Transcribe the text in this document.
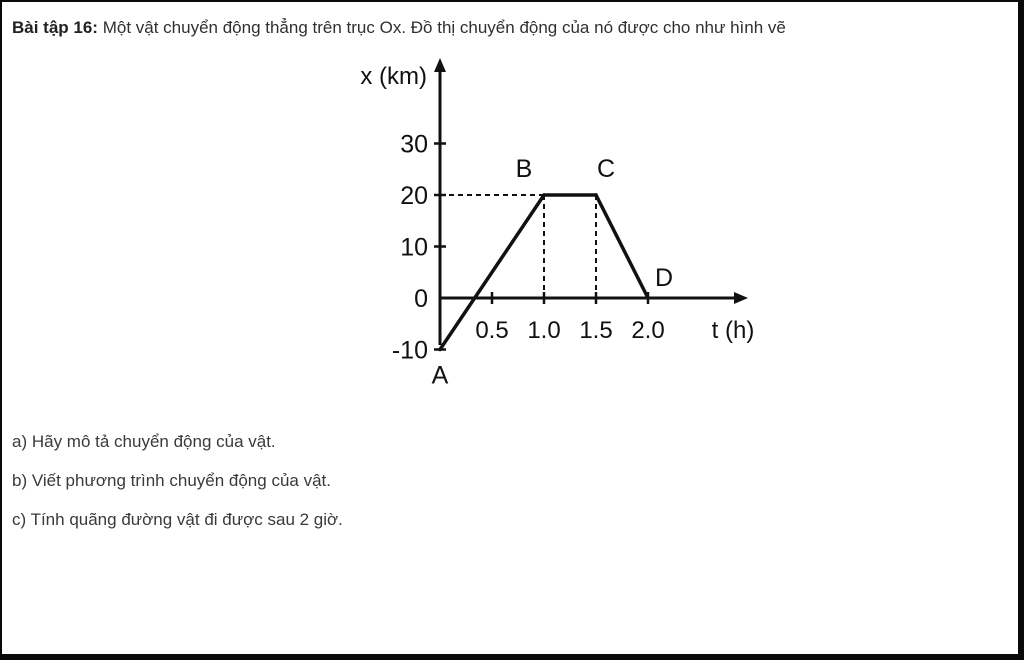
Bài tập 16: Một vật chuyển động thẳng trên trục Ox. Đồ thị chuyển động của nó được cho như hình vẽ
30
20
10
0
-10
0.5 1.0 1.5 2.0
A
B	C
D
x (km)
t (h)
a) Hãy mô tả chuyển động của vật.
b) Viết phương trình chuyển động của vật.
c) Tính quãng đường vật đi được sau 2 giờ.
